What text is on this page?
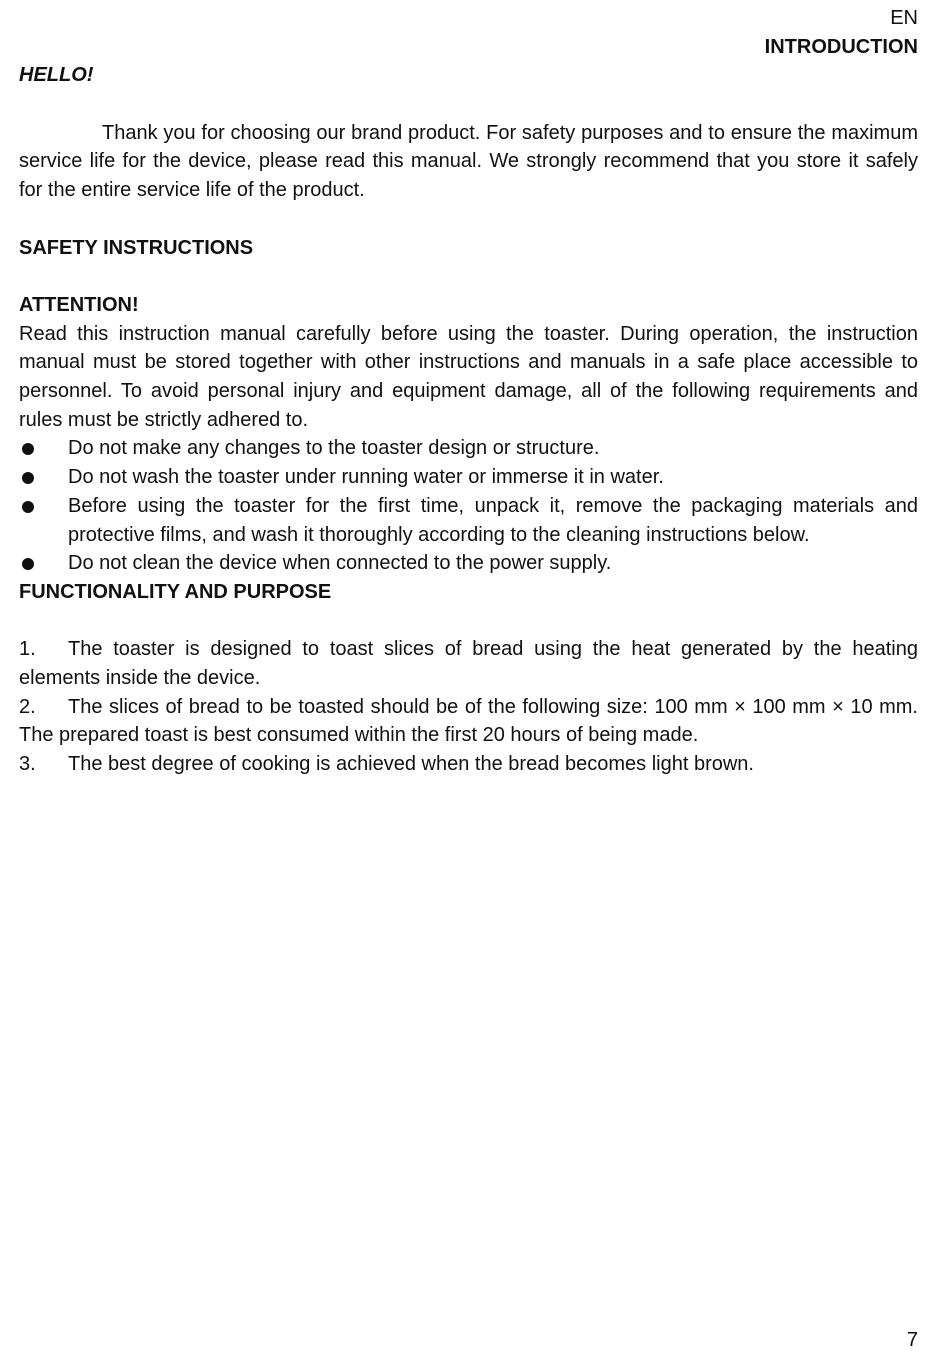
EN
INTRODUCTION
HELLO!

Thank you for choosing our brand product. For safety purposes and to ensure the maximum service life for the device, please read this manual. We strongly recommend that you store it safely for the entire service life of the product.

SAFETY INSTRUCTIONS

ATTENTION!

Read this instruction manual carefully before using the toaster. During operation, the instruction manual must be stored together with other instructions and manuals in a safe place accessible to personnel. To avoid personal injury and equipment damage, all of the following requirements and rules must be strictly adhered to.

Do not make any changes to the toaster design or structure.
Do not wash the toaster under running water or immerse it in water.
Before using the toaster for the first time, unpack it, remove the packaging materials and protective films, and wash it thoroughly according to the cleaning instructions below.
Do not clean the device when connected to the power supply.

FUNCTIONALITY AND PURPOSE

1. The toaster is designed to toast slices of bread using the heat generated by the heating elements inside the device.
2. The slices of bread to be toasted should be of the following size: 100 mm × 100 mm × 10 mm. The prepared toast is best consumed within the first 20 hours of being made.
3. The best degree of cooking is achieved when the bread becomes light brown.
7
